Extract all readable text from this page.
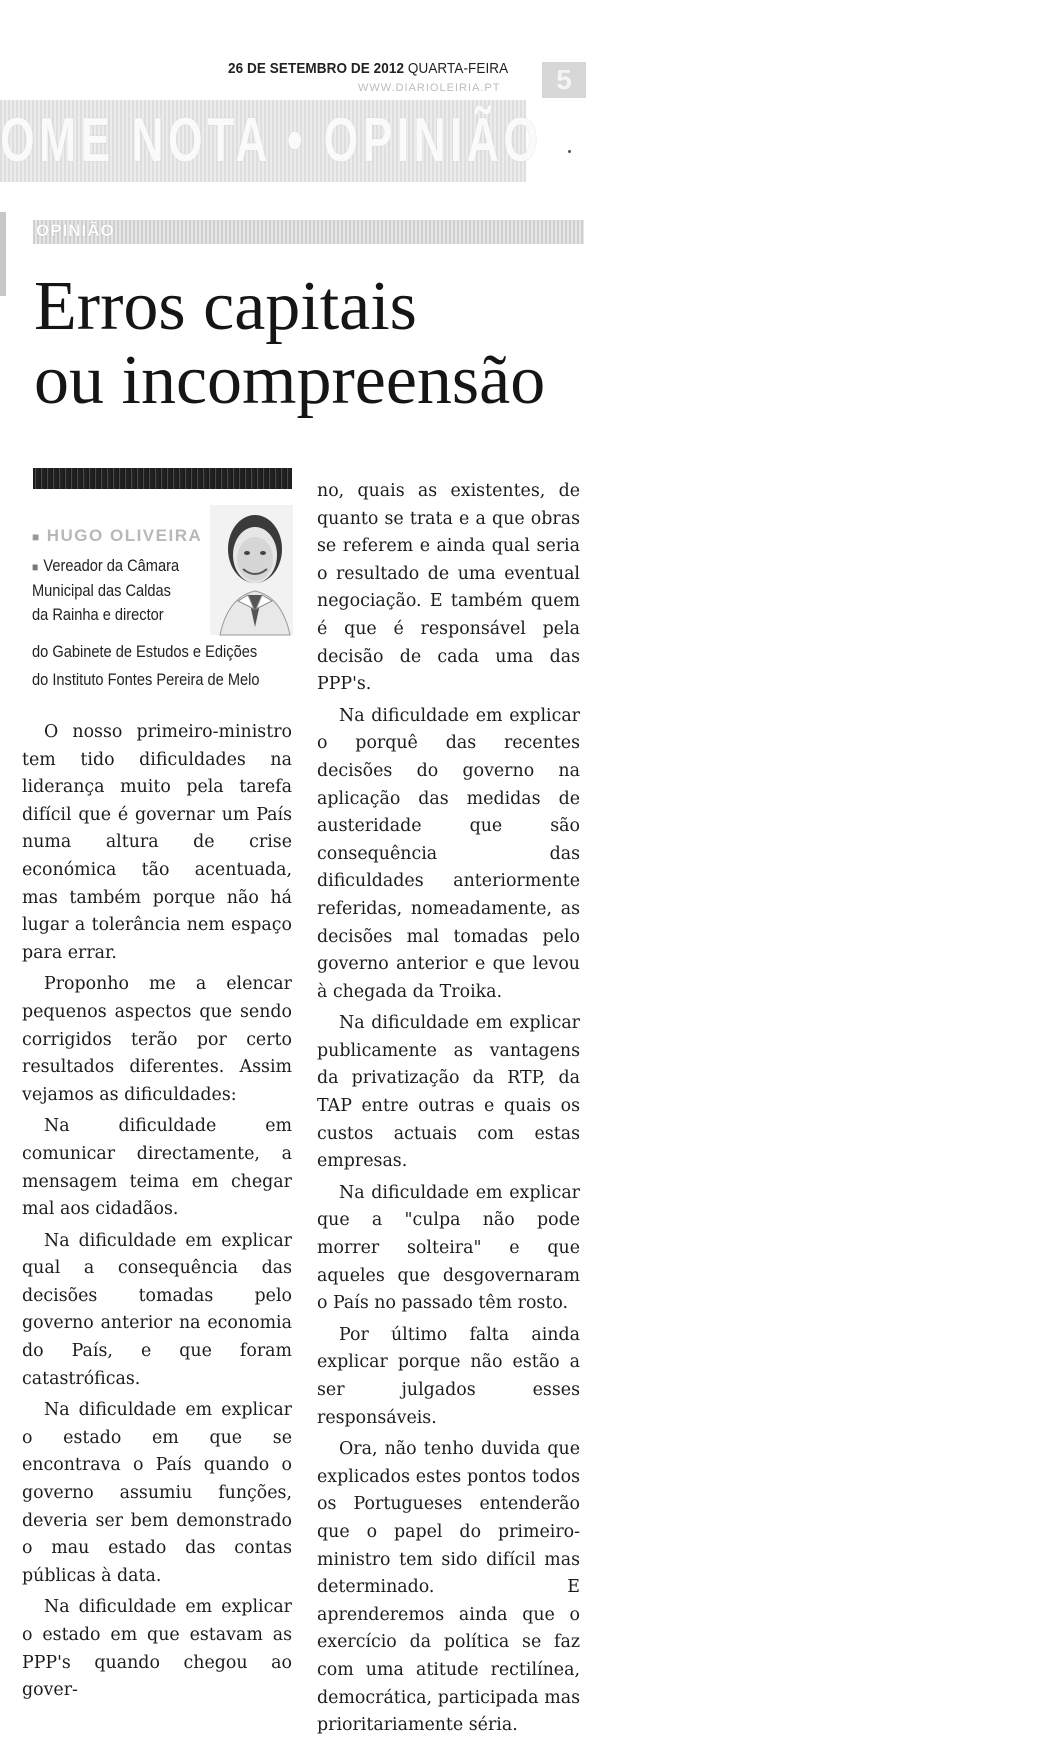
26 DE SETEMBRO DE 2012 QUARTA-FEIRA
WWW.DIARIOLEIRIA.PT	5
OME NOTA • OPINIÃO
OPINIÃO
Erros capitais
ou incompreensão
■ HUGO OLIVEIRA
■ Vereador da Câmara
Municipal das Caldas
da Rainha e director
do Gabinete de Estudos e Edições
do Instituto Fontes Pereira de Melo
O nosso primeiro-ministro tem tido dificuldades na liderança muito pela tarefa difícil que é governar um País numa altura de crise económica tão acentuada, mas também porque não há lugar a tolerância nem espaço para errar.
Proponho me a elencar pequenos aspectos que sendo corrigidos terão por certo resultados diferentes. Assim vejamos as dificuldades:
Na dificuldade em comunicar directamente, a mensagem teima em chegar mal aos cidadãos.
Na dificuldade em explicar qual a consequência das decisões tomadas pelo governo anterior na economia do País, e que foram catastróficas.
Na dificuldade em explicar o estado em que se encontrava o País quando o governo assumiu funções, deveria ser bem demonstrado o mau estado das contas públicas à data.
Na dificuldade em explicar o estado em que estavam as PPP's quando chegou ao gover-
no, quais as existentes, de quanto se trata e a que obras se referem e ainda qual seria o resultado de uma eventual negociação. E também quem é que é responsável pela decisão de cada uma das PPP's.
Na dificuldade em explicar o porquê das recentes decisões do governo na aplicação das medidas de austeridade que são consequência das dificuldades anteriormente referidas, nomeadamente, as decisões mal tomadas pelo governo anterior e que levou à chegada da Troika.
Na dificuldade em explicar publicamente as vantagens da privatização da RTP, da TAP entre outras e quais os custos actuais com estas empresas.
Na dificuldade em explicar que a "culpa não pode morrer solteira" e que aqueles que desgovernaram o País no passado têm rosto.
Por último falta ainda explicar porque não estão a ser julgados esses responsáveis.
Ora, não tenho duvida que explicados estes pontos todos os Portugueses entenderão que o papel do primeiro-ministro tem sido difícil mas determinado. E aprenderemos ainda que o exercício da política se faz com uma atitude rectilínea, democrática, participada mas prioritariamente séria.
